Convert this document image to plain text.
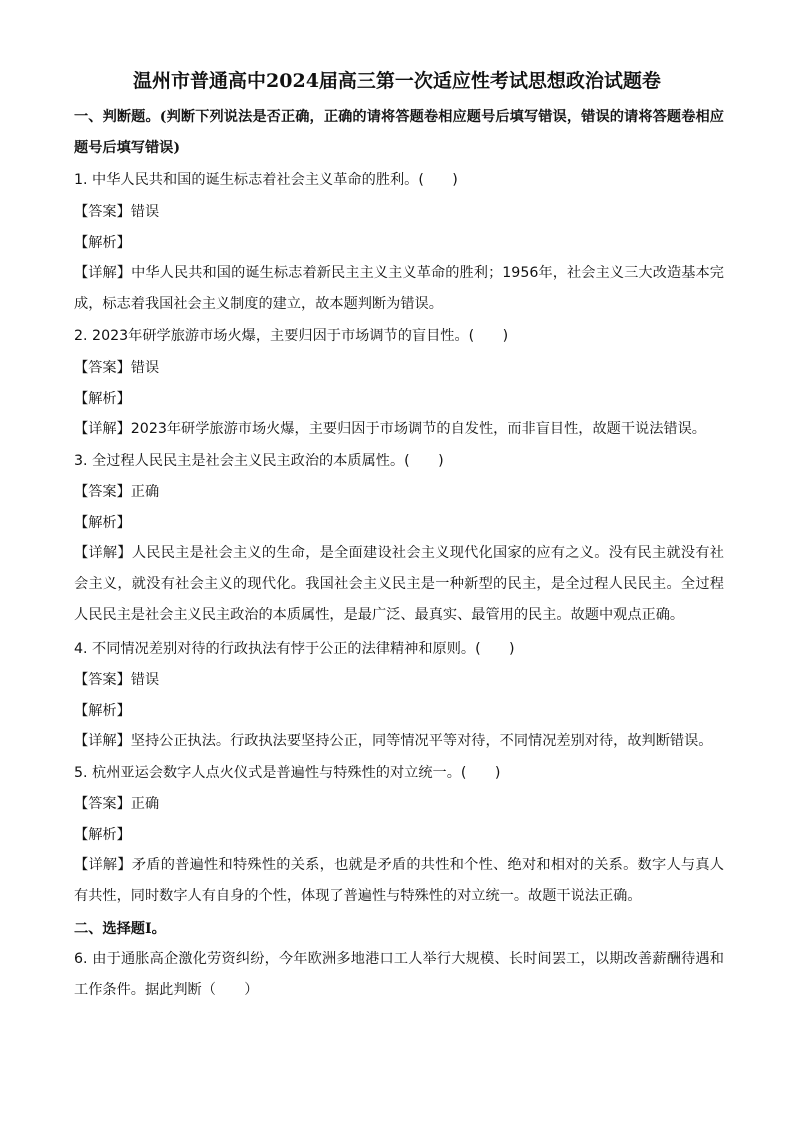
温州市普通高中2024届高三第一次适应性考试思想政治试题卷
一、判断题。(判断下列说法是否正确，正确的请将答题卷相应题号后填写错误，错误的请将答题卷相应题号后填写错误)
1. 中华人民共和国的诞生标志着社会主义革命的胜利。(　　)
【答案】错误
【解析】
【详解】中华人民共和国的诞生标志着新民主主义主义革命的胜利；1956年，社会主义三大改造基本完成，标志着我国社会主义制度的建立，故本题判断为错误。
2. 2023年研学旅游市场火爆，主要归因于市场调节的盲目性。(　　)
【答案】错误
【解析】
【详解】2023年研学旅游市场火爆，主要归因于市场调节的自发性，而非盲目性，故题干说法错误。
3. 全过程人民民主是社会主义民主政治的本质属性。(　　)
【答案】正确
【解析】
【详解】人民民主是社会主义的生命，是全面建设社会主义现代化国家的应有之义。没有民主就没有社会主义，就没有社会主义的现代化。我国社会主义民主是一种新型的民主，是全过程人民民主。全过程人民民主是社会主义民主政治的本质属性，是最广泛、最真实、最管用的民主。故题中观点正确。
4. 不同情况差别对待的行政执法有悖于公正的法律精神和原则。(　　)
【答案】错误
【解析】
【详解】坚持公正执法。行政执法要坚持公正，同等情况平等对待，不同情况差别对待，故判断错误。
5. 杭州亚运会数字人点火仪式是普遍性与特殊性的对立统一。(　　)
【答案】正确
【解析】
【详解】矛盾的普遍性和特殊性的关系，也就是矛盾的共性和个性、绝对和相对的关系。数字人与真人有共性，同时数字人有自身的个性，体现了普遍性与特殊性的对立统一。故题干说法正确。
二、选择题Ⅰ。
6. 由于通胀高企激化劳资纠纷，今年欧洲多地港口工人举行大规模、长时间罢工，以期改善薪酬待遇和工作条件。据此判断（　　）
